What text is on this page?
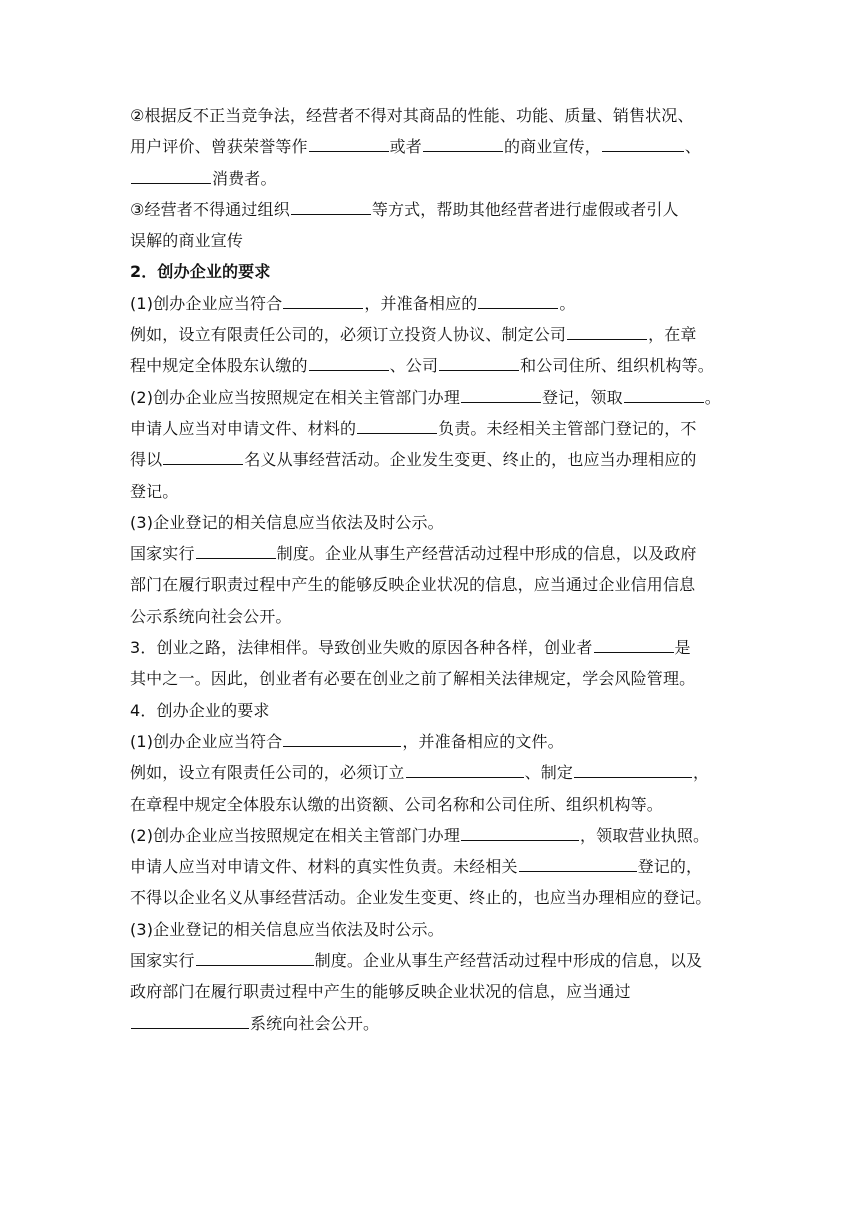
②根据反不正当竞争法，经营者不得对其商品的性能、功能、质量、销售状况、
用户评价、曾获荣誉等作	或者	的商业宣传，	、
消费者。
③经营者不得通过组织	等方式，帮助其他经营者进行虚假或者引人
误解的商业宣传
2．创办企业的要求
(1)创办企业应当符合	，并准备相应的	。
例如，设立有限责任公司的，必须订立投资人协议、制定公司	，在章
程中规定全体股东认缴的	、公司	和公司住所、组织机构等。
(2)创办企业应当按照规定在相关主管部门办理	登记，领取	。
申请人应当对申请文件、材料的	负责。未经相关主管部门登记的，不
得以	名义从事经营活动。企业发生变更、终止的，也应当办理相应的
登记。
(3)企业登记的相关信息应当依法及时公示。
国家实行	制度。企业从事生产经营活动过程中形成的信息，以及政府
部门在履行职责过程中产生的能够反映企业状况的信息，应当通过企业信用信息
公示系统向社会公开。
3．创业之路，法律相伴。导致创业失败的原因各种各样，创业者	是
其中之一。因此，创业者有必要在创业之前了解相关法律规定，学会风险管理。
4．创办企业的要求
(1)创办企业应当符合	，并准备相应的文件。
例如，设立有限责任公司的，必须订立	、制定	，
在章程中规定全体股东认缴的出资额、公司名称和公司住所、组织机构等。
(2)创办企业应当按照规定在相关主管部门办理	，领取营业执照。
申请人应当对申请文件、材料的真实性负责。未经相关	登记的，
不得以企业名义从事经营活动。企业发生变更、终止的，也应当办理相应的登记。
(3)企业登记的相关信息应当依法及时公示。
国家实行	制度。企业从事生产经营活动过程中形成的信息，以及
政府部门在履行职责过程中产生的能够反映企业状况的信息，应当通过
系统向社会公开。
